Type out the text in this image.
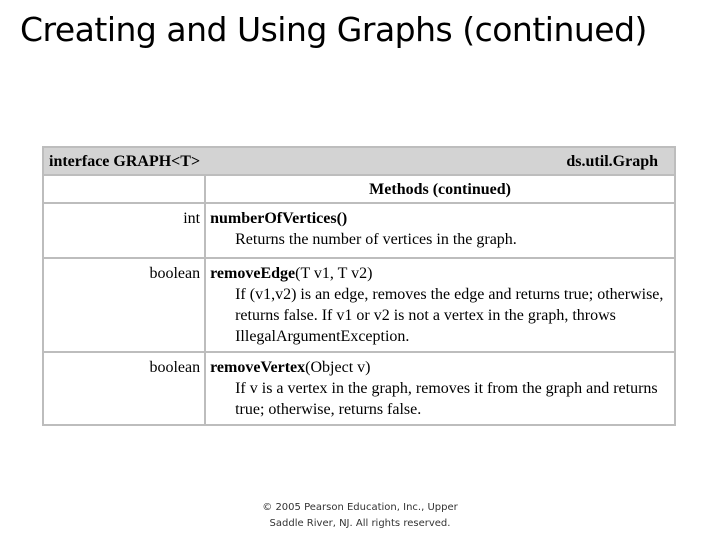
Creating and Using Graphs (continued)
interface GRAPH<T>	ds.util.Graph
	Methods (continued)
int	numberOfVertices()

Returns the number of vertices in the graph.

boolean	removeEdge(T v1, T v2)

If (v1,v2) is an edge, removes the edge and returns true; otherwise, returns false. If v1 or v2 is not a vertex in the graph, throws IllegalArgumentException.

boolean	removeVertex(Object v)

If v is a vertex in the graph, removes it from the graph and returns true; otherwise, returns false.

© 2005 Pearson Education, Inc., Upper
Saddle River, NJ. All rights reserved.
